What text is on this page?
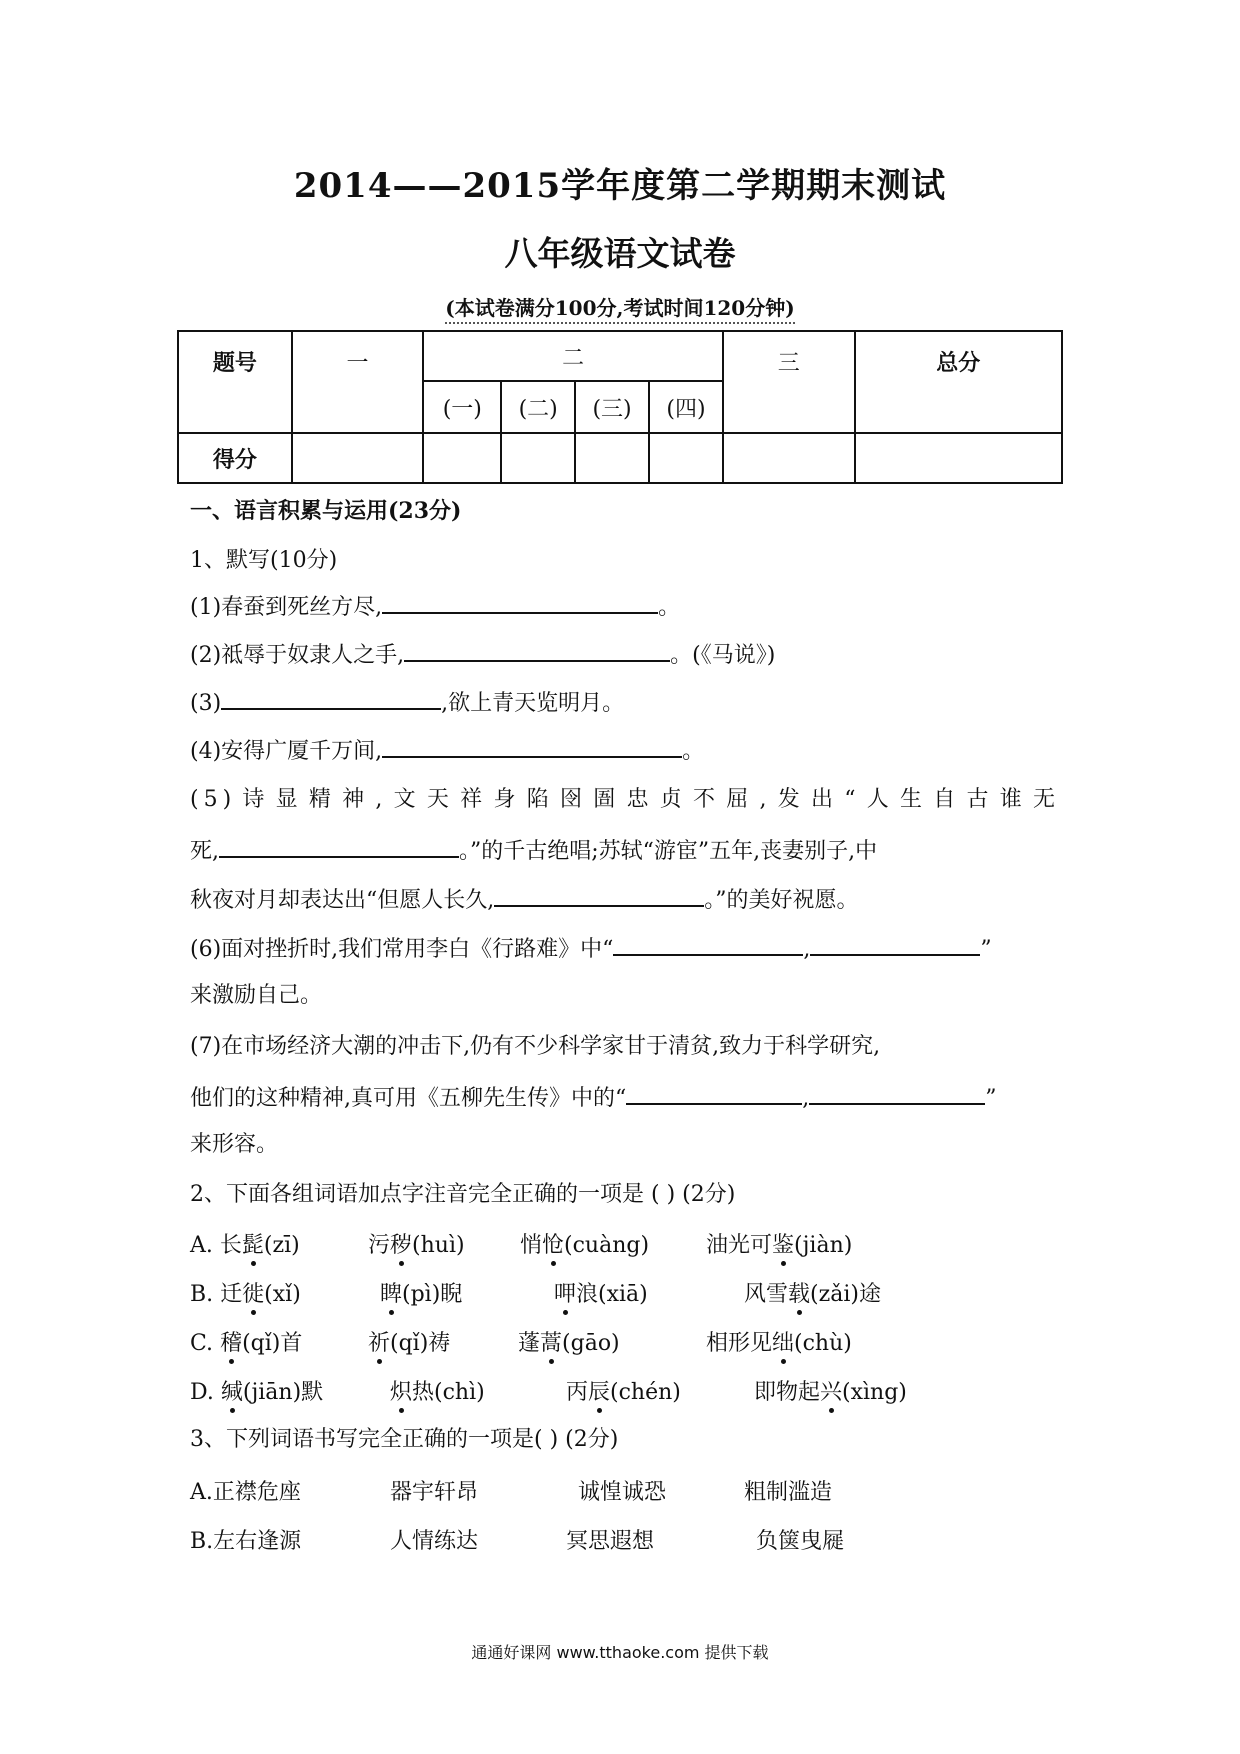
2014——2015学年度第二学期期末测试
八年级语文试卷
(本试卷满分100分,考试时间120分钟)
题号	一	二				三	总分
		(一)	(二)	(三)	(四)		
得分							
一、语言积累与运用(23分)
1、默写(10分)
(1)春蚕到死丝方尽,	。
(2)祗辱于奴隶人之手,	。(《马说》)
(3)	,欲上青天览明月。
(4)安得广厦千万间,	。
(5)诗显精神,文天祥身陷囹圄忠贞不屈,发出“人生自古谁无
死,	。”的千古绝唱;苏轼“游宦”五年,丧妻别子,中
秋夜对月却表达出“但愿人长久,	。”的美好祝愿。
(6)面对挫折时,我们常用李白《行路难》中“	,	”
来激励自己。
(7)在市场经济大潮的冲击下,仍有不少科学家甘于清贫,致力于科学研究,
他们的这种精神,真可用《五柳先生传》中的“	,	”
来形容。
2、下面各组词语加点字注音完全正确的一项是 ( ) (2分)
A. 长髭(zī)	污秽(huì)	悄怆(cuàng)	油光可鉴(jiàn)
B. 迁徙(xǐ)	睥(pì)睨	呷浪(xiā)	风雪载(zǎi)途
C. 稽(qǐ)首	祈(qǐ)祷	蓬蒿(gāo)	相形见绌(chù)
D. 缄(jiān)默	炽热(chì)	丙辰(chén)	即物起兴(xìng)
3、下列词语书写完全正确的一项是( ) (2分)
A.正襟危座	器宇轩昂	诚惶诚恐	粗制滥造
B.左右逢源	人情练达	冥思遐想	负箧曳屣
通通好课网 www.tthaoke.com 提供下载
